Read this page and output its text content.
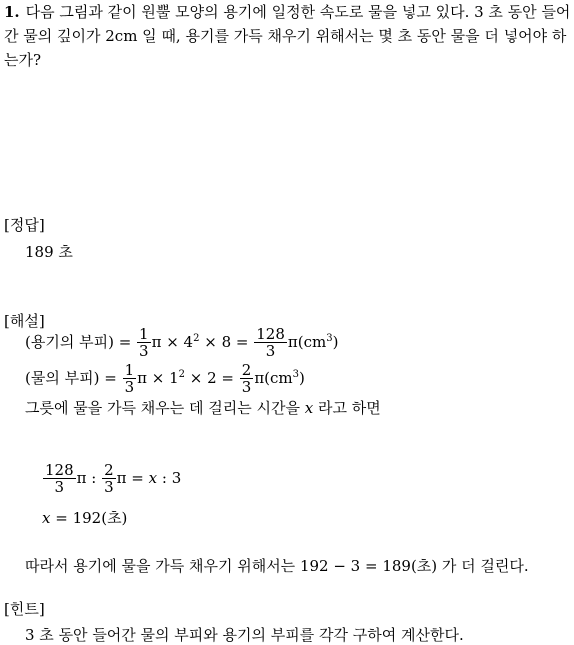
1. 다음 그림과 같이 원뿔 모양의 용기에 일정한 속도로 물을 넣고 있다. 3 초 동안 들어간 물의 깊이가 2cm 일 때, 용기를 가득 채우기 위해서는 몇 초 동안 물을 더 넣어야 하는가?
[정답]
189 초
[해설]
(용기의 부피) = $\frac{1}{3}$ $\pi \times 4^2 \times 8 = \frac{128}{3} \pi(cm^3)$
(물의 부피) = $\frac{1}{3}$ $\pi \times 1^2 \times 2 = \frac{2}{3} \pi(cm^3)$
그릇에 물을 가득 채우는 데 걸리는 시간을 x 라고 하면
$\frac{128}{3}$ π : $\frac{2}{3}$ π = x : 3
x = 192(초)
따라서 용기에 물을 가득 채우기 위해서는 192 − 3 = 189(초) 가 더 걸린다.
[힌트]
3 초 동안 들어간 물의 부피와 용기의 부피를 각각 구하여 계산한다.
